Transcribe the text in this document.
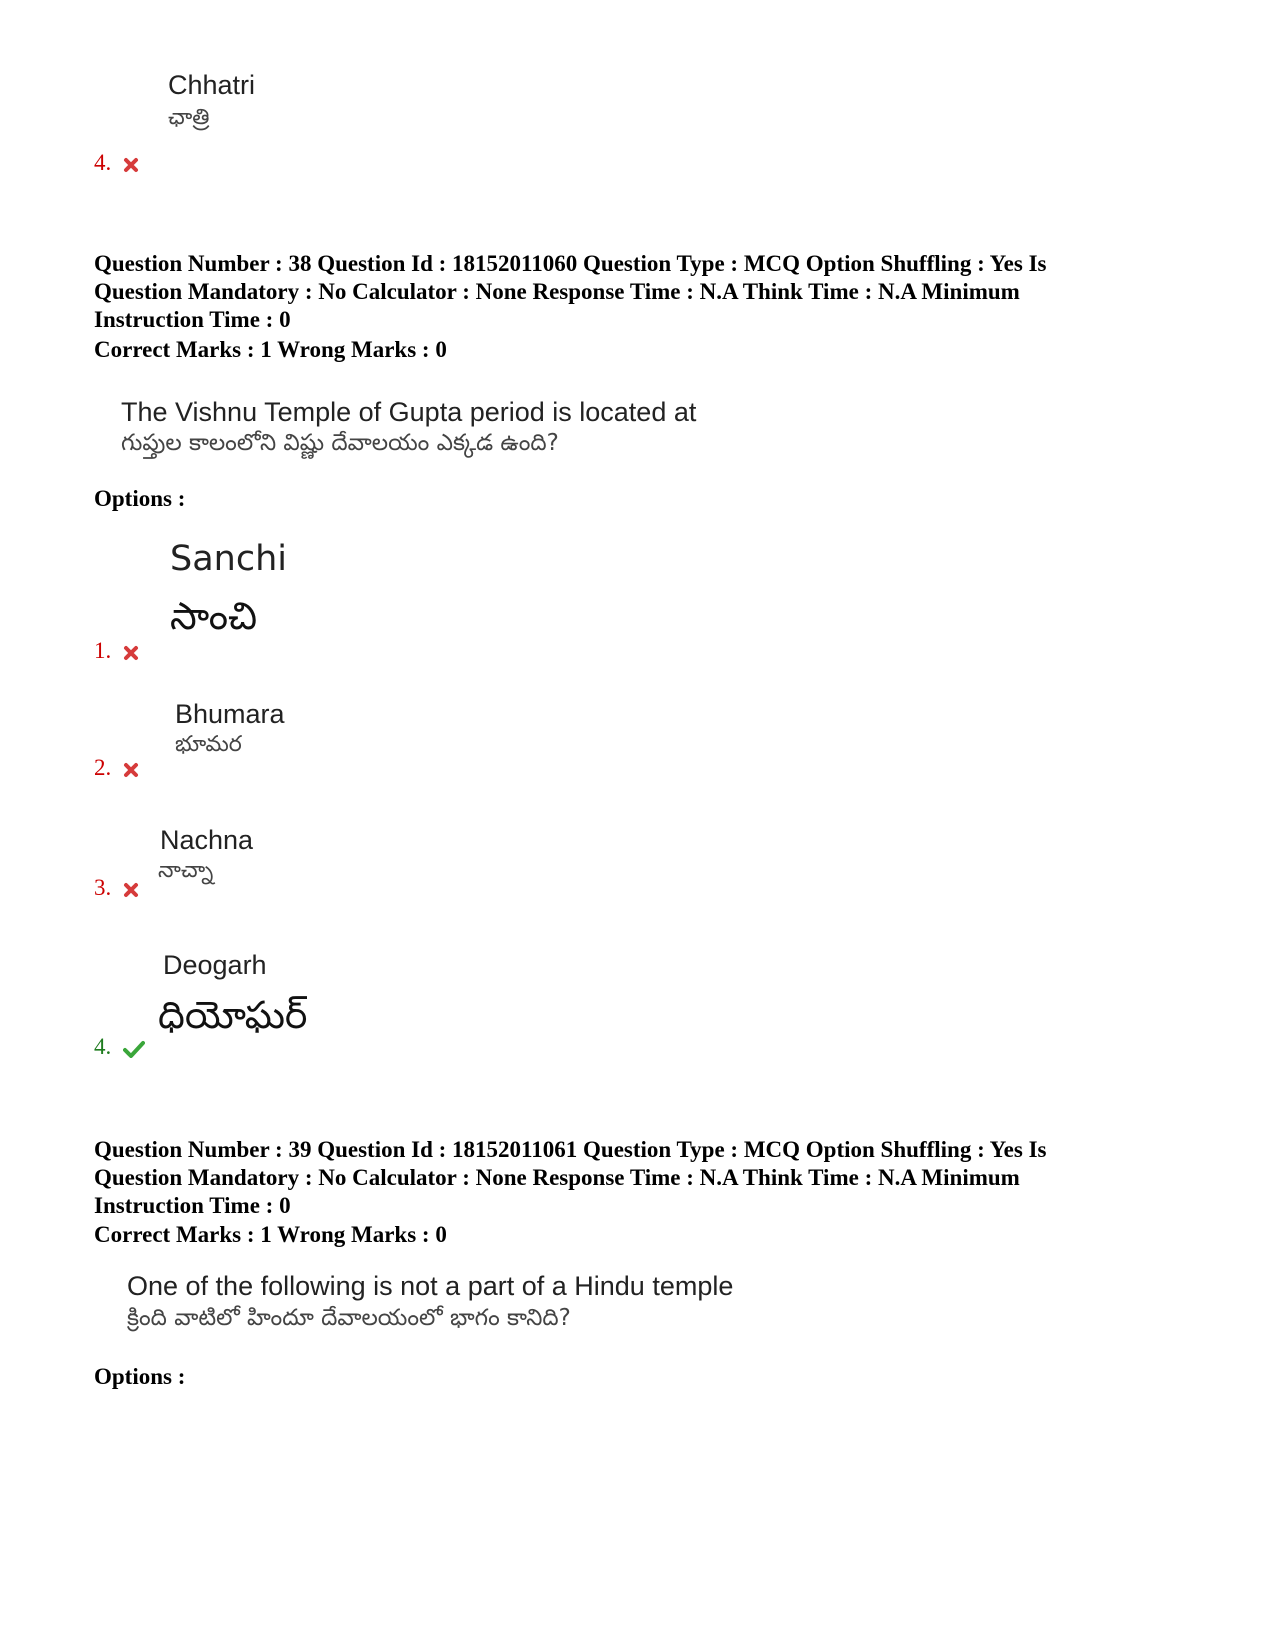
Chhatri
ఛాత్రి
4.

Question Number : 38 Question Id : 18152011060 Question Type : MCQ Option Shuffling : Yes Is

Question Mandatory : No Calculator : None Response Time : N.A Think Time : N.A Minimum

Instruction Time : 0

Correct Marks : 1 Wrong Marks : 0
The Vishnu Temple of Gupta period is located at
గుప్తుల కాలంలోని విష్ణు దేవాలయం ఎక్కడ ఉంది?
Options :
Sanchi
సాంచి
1.
Bhumara
భూమర
2.
Nachna
నాచ్నా
3.
Deogarh
ధియోఘర్
4.

Question Number : 39 Question Id : 18152011061 Question Type : MCQ Option Shuffling : Yes Is

Question Mandatory : No Calculator : None Response Time : N.A Think Time : N.A Minimum

Instruction Time : 0

Correct Marks : 1 Wrong Marks : 0
One of the following is not a part of a Hindu temple
క్రింది వాటిలో హిందూ దేవాలయంలో భాగం కానిది?
Options :
